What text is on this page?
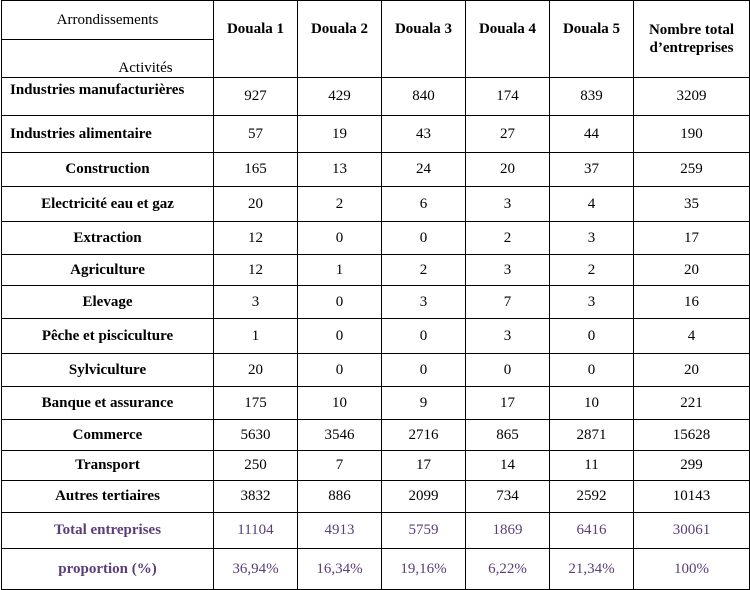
Arrondissements
Activités	Douala 1	Douala 2	Douala 3	Douala 4	Douala 5	Nombre total d’entreprises
Industries manufacturières	927	429	840	174	839	3209
Industries alimentaire	57	19	43	27	44	190
Construction	165	13	24	20	37	259
Electricité eau et gaz	20	2	6	3	4	35
Extraction	12	0	0	2	3	17
Agriculture	12	1	2	3	2	20
Elevage	3	0	3	7	3	16
Pêche et pisciculture	1	0	0	3	0	4
Sylviculture	20	0	0	0	0	20
Banque et assurance	175	10	9	17	10	221
Commerce	5630	3546	2716	865	2871	15628
Transport	250	7	17	14	11	299
Autres tertiaires	3832	886	2099	734	2592	10143
Total entreprises	11104	4913	5759	1869	6416	30061
proportion (%)	36,94%	16,34%	19,16%	6,22%	21,34%	100%
